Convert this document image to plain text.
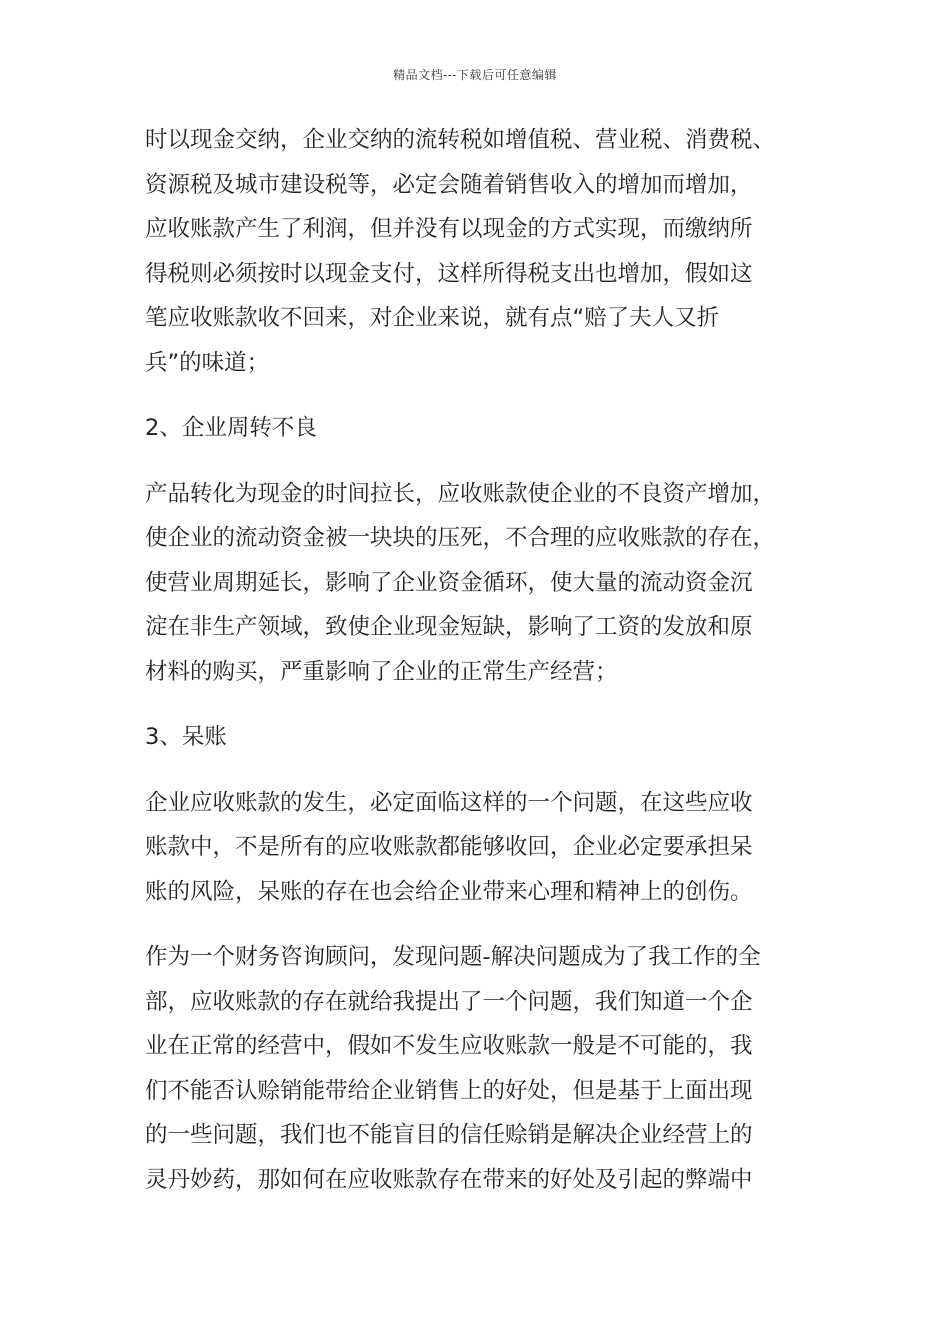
精品文档---下载后可任意编辑
时以现金交纳，企业交纳的流转税如增值税、营业税、消费税、
资源税及城市建设税等，必定会随着销售收入的增加而增加，
应收账款产生了利润，但并没有以现金的方式实现，而缴纳所
得税则必须按时以现金支付，这样所得税支出也增加，假如这
笔应收账款收不回来，对企业来说，就有点“赔了夫人又折
兵”的味道；
2、企业周转不良
产品转化为现金的时间拉长，应收账款使企业的不良资产增加，
使企业的流动资金被一块块的压死，不合理的应收账款的存在，
使营业周期延长，影响了企业资金循环，使大量的流动资金沉
淀在非生产领域，致使企业现金短缺，影响了工资的发放和原
材料的购买，严重影响了企业的正常生产经营；
3、呆账
企业应收账款的发生，必定面临这样的一个问题，在这些应收
账款中，不是所有的应收账款都能够收回，企业必定要承担呆
账的风险，呆账的存在也会给企业带来心理和精神上的创伤。
作为一个财务咨询顾问，发现问题-解决问题成为了我工作的全
部，应收账款的存在就给我提出了一个问题，我们知道一个企
业在正常的经营中，假如不发生应收账款一般是不可能的，我
们不能否认赊销能带给企业销售上的好处，但是基于上面出现
的一些问题，我们也不能盲目的信任赊销是解决企业经营上的
灵丹妙药，那如何在应收账款存在带来的好处及引起的弊端中
